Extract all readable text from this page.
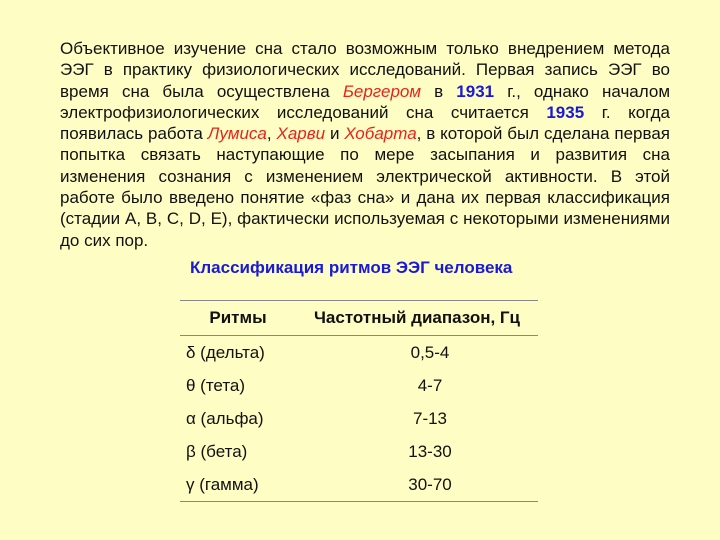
Объективное изучение сна стало возможным только внедрением метода ЭЭГ в практику физиологических исследований. Первая запись ЭЭГ во время сна была осуществлена Бергером в 1931 г., однако началом электрофизиологических исследований сна считается 1935 г. когда появилась работа Лумиса, Харви и Хобарта, в которой был сделана первая попытка связать наступающие по мере засыпания и развития сна изменения сознания с изменением электрической активности. В этой работе было введено понятие «фаз сна» и дана их первая классификация (стадии A, B, C, D, E), фактически используемая с некоторыми изменениями до сих пор.

Классификация ритмов ЭЭГ человека

Ритмы	Частотный диапазон, Гц
δ (дельта)	0,5-4
θ (тета)	4-7
α (альфа)	7-13
β (бета)	13-30
γ (гамма)	30-70
